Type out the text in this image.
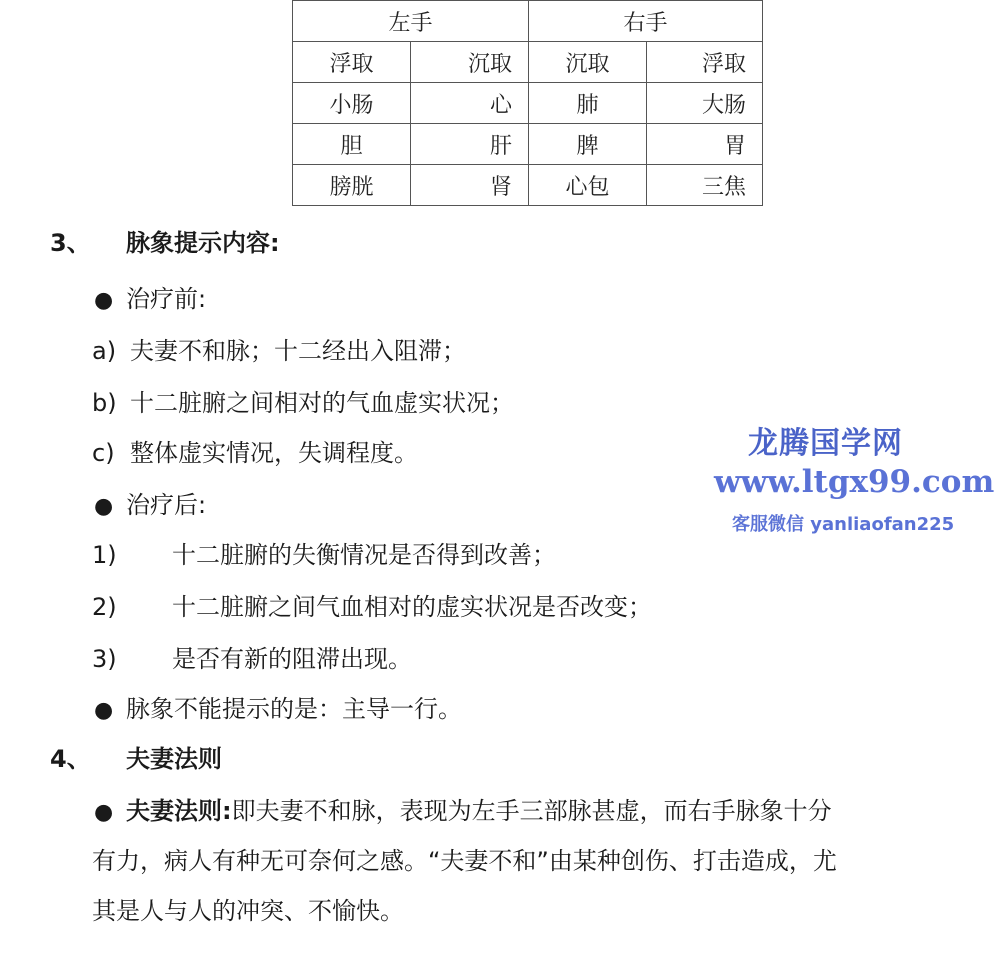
左手		右手	
浮取	沉取	沉取	浮取
小肠	心	肺	大肠
胆	肝	脾	胃
膀胱	肾	心包	三焦
3、 脉象提示内容:
● 治疗前:
a) 夫妻不和脉；十二经出入阻滞；
b) 十二脏腑之间相对的气血虚实状况；
c) 整体虚实情况，失调程度。
● 治疗后:
1) 十二脏腑的失衡情况是否得到改善；
2) 十二脏腑之间气血相对的虚实状况是否改变；
3) 是否有新的阻滞出现。
● 脉象不能提示的是：主导一行。
4、 夫妻法则
● 夫妻法则:即夫妻不和脉，表现为左手三部脉甚虚，而右手脉象十分
有力，病人有种无可奈何之感。“夫妻不和”由某种创伤、打击造成，尤
其是人与人的冲突、不愉快。
龙腾国学网
www.ltgx99.com
客服微信 yanliaofan225
